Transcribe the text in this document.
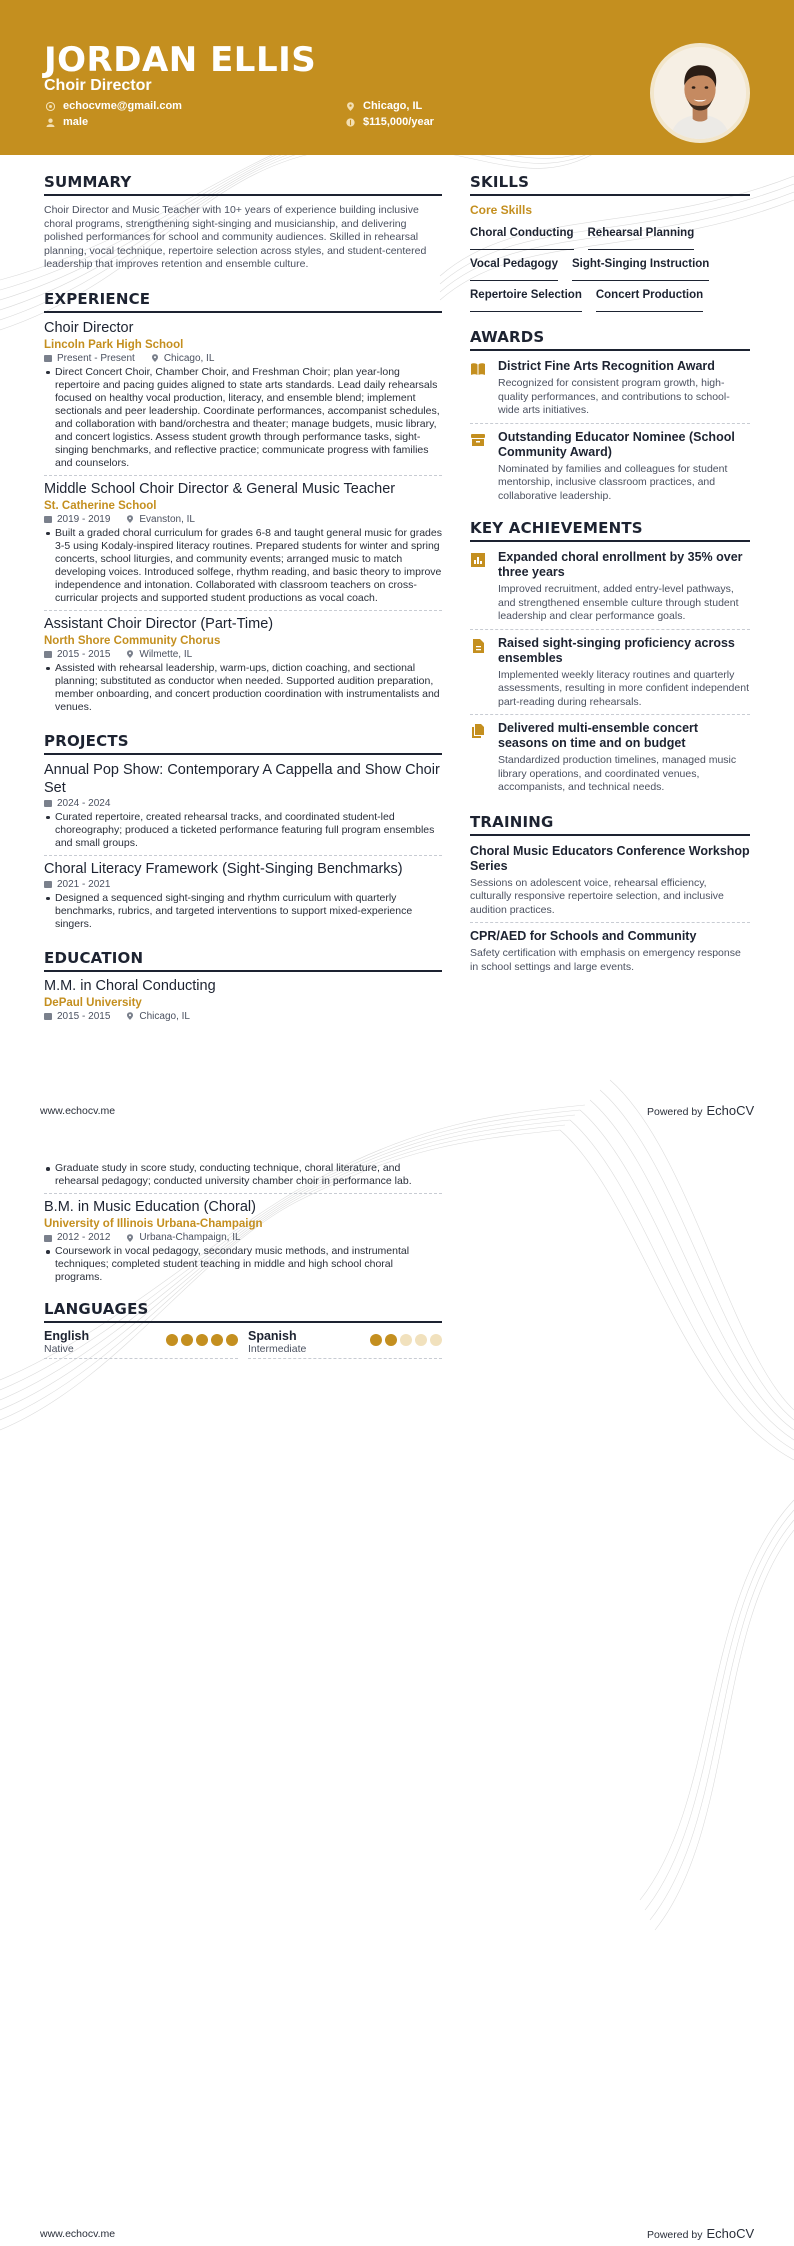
JORDAN ELLIS
Choir Director
echocvme@gmail.com
male
Chicago, IL
$115,000/year
SUMMARY
Choir Director and Music Teacher with 10+ years of experience building inclusive choral programs, strengthening sight-singing and musicianship, and delivering polished performances for school and community audiences. Skilled in rehearsal planning, vocal technique, repertoire selection across styles, and student-centered leadership that improves retention and ensemble culture.
EXPERIENCE
Choir Director
Lincoln Park High School
Present - Present	Chicago, IL
Direct Concert Choir, Chamber Choir, and Freshman Choir; plan year-long repertoire and pacing guides aligned to state arts standards. Lead daily rehearsals focused on healthy vocal production, literacy, and ensemble blend; implement sectionals and peer leadership. Coordinate performances, accompanist schedules, and collaboration with band/orchestra and theater; manage budgets, music library, and concert logistics. Assess student growth through performance tasks, sight-singing benchmarks, and reflective practice; communicate progress with families and counselors.
Middle School Choir Director & General Music Teacher
St. Catherine School
2019 - 2019	Evanston, IL
Built a graded choral curriculum for grades 6-8 and taught general music for grades 3-5 using Kodaly-inspired literacy routines. Prepared students for winter and spring concerts, school liturgies, and community events; arranged music to match developing voices. Introduced solfege, rhythm reading, and basic theory to improve independence and intonation. Collaborated with classroom teachers on cross-curricular projects and supported student productions as vocal coach.
Assistant Choir Director (Part-Time)
North Shore Community Chorus
2015 - 2015	Wilmette, IL
Assisted with rehearsal leadership, warm-ups, diction coaching, and sectional planning; substituted as conductor when needed. Supported audition preparation, member onboarding, and concert production coordination with instrumentalists and venues.
PROJECTS
Annual Pop Show: Contemporary A Cappella and Show Choir Set
2024 - 2024
Curated repertoire, created rehearsal tracks, and coordinated student-led choreography; produced a ticketed performance featuring full program ensembles and small groups.
Choral Literacy Framework (Sight-Singing Benchmarks)
2021 - 2021
Designed a sequenced sight-singing and rhythm curriculum with quarterly benchmarks, rubrics, and targeted interventions to support mixed-experience singers.
EDUCATION
M.M. in Choral Conducting
DePaul University
2015 - 2015	Chicago, IL
SKILLS
Core Skills
Choral Conducting Rehearsal Planning
Vocal Pedagogy Sight-Singing Instruction
Repertoire Selection Concert Production
AWARDS
District Fine Arts Recognition Award
Recognized for consistent program growth, high-quality performances, and contributions to school-wide arts initiatives.
Outstanding Educator Nominee (School Community Award)
Nominated by families and colleagues for student mentorship, inclusive classroom practices, and collaborative leadership.
KEY ACHIEVEMENTS
Expanded choral enrollment by 35% over three years
Improved recruitment, added entry-level pathways, and strengthened ensemble culture through student leadership and clear performance goals.
Raised sight-singing proficiency across ensembles
Implemented weekly literacy routines and quarterly assessments, resulting in more confident independent part-reading during rehearsals.
Delivered multi-ensemble concert seasons on time and on budget
Standardized production timelines, managed music library operations, and coordinated venues, accompanists, and technical needs.
TRAINING
Choral Music Educators Conference Workshop Series
Sessions on adolescent voice, rehearsal efficiency, culturally responsive repertoire selection, and inclusive audition practices.
CPR/AED for Schools and Community
Safety certification with emphasis on emergency response in school settings and large events.
www.echocv.me	Powered by EchoCV
Graduate study in score study, conducting technique, choral literature, and rehearsal pedagogy; conducted university chamber choir in performance lab.
B.M. in Music Education (Choral)
University of Illinois Urbana-Champaign
2012 - 2012	Urbana-Champaign, IL
Coursework in vocal pedagogy, secondary music methods, and instrumental techniques; completed student teaching in middle and high school choral programs.
LANGUAGES
English
Native
Spanish
Intermediate
www.echocv.me	Powered by EchoCV
